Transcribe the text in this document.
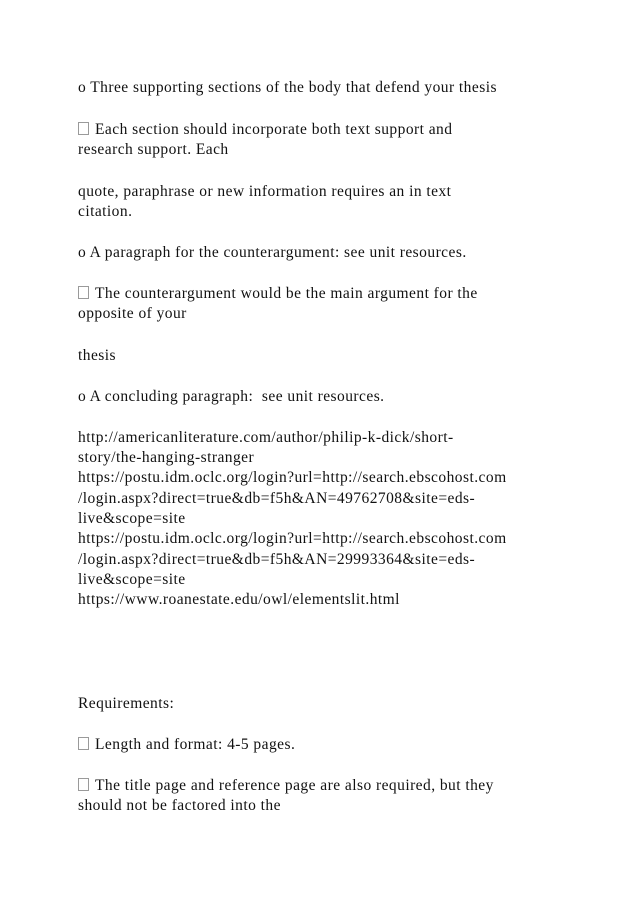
o Three supporting sections of the body that defend your thesis

Each section should incorporate both text support and

research support. Each

quote, paraphrase or new information requires an in text

citation.

o A paragraph for the counterargument: see unit resources.

The counterargument would be the main argument for the

opposite of your

thesis

o A concluding paragraph:  see unit resources.

http://americanliterature.com/author/philip-k-dick/short-

story/the-hanging-stranger

https://postu.idm.oclc.org/login?url=http://search.ebscohost.com

/login.aspx?direct=true&db=f5h&AN=49762708&site=eds-

live&scope=site

https://postu.idm.oclc.org/login?url=http://search.ebscohost.com

/login.aspx?direct=true&db=f5h&AN=29993364&site=eds-

live&scope=site

https://www.roanestate.edu/owl/elementslit.html

Requirements:

Length and format: 4-5 pages.

The title page and reference page are also required, but they

should not be factored into the
